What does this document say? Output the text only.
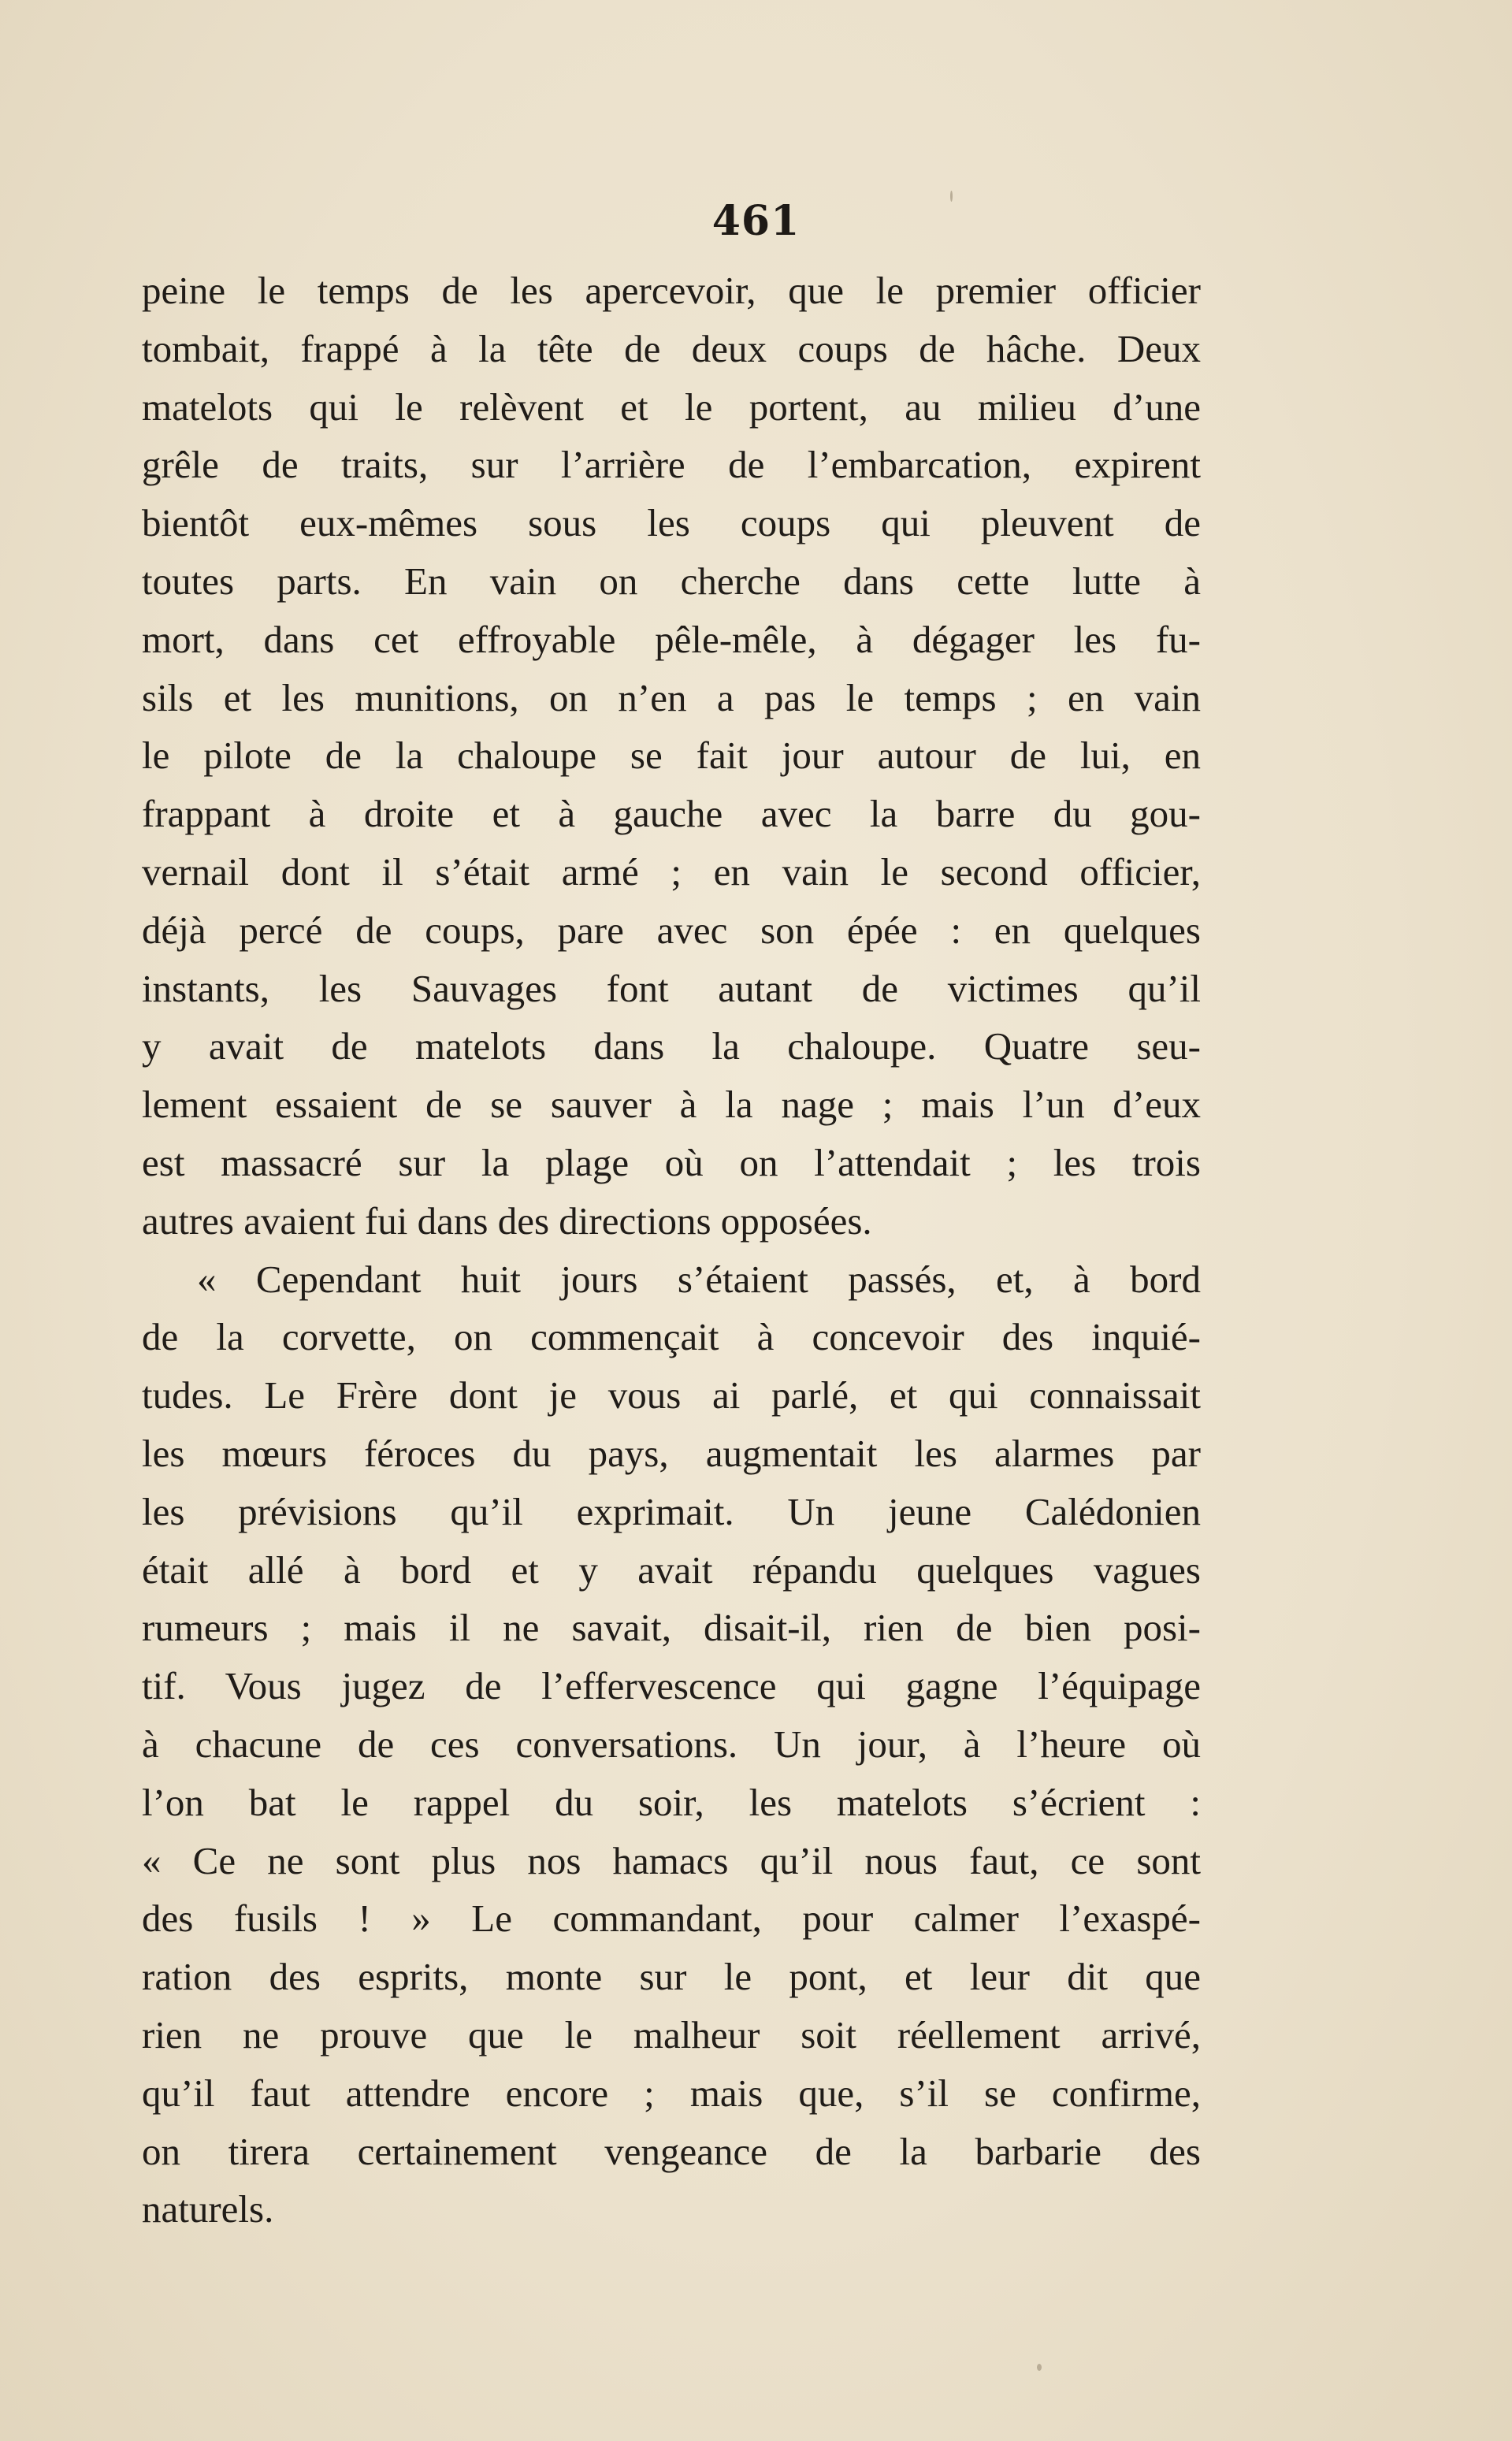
461
peine le temps de les apercevoir, que le premier officier
tombait, frappé à la tête de deux coups de hâche. Deux
matelots qui le relèvent et le portent, au milieu d’une
grêle de traits, sur l’arrière de l’embarcation, expirent
bientôt eux-mêmes sous les coups qui pleuvent de
toutes parts. En vain on cherche dans cette lutte à
mort, dans cet effroyable pêle-mêle, à dégager les fu-
sils et les munitions, on n’en a pas le temps ; en vain
le pilote de la chaloupe se fait jour autour de lui, en
frappant à droite et à gauche avec la barre du gou-
vernail dont il s’était armé ; en vain le second officier,
déjà percé de coups, pare avec son épée : en quelques
instants, les Sauvages font autant de victimes qu’il
y avait de matelots dans la chaloupe. Quatre seu-
lement essaient de se sauver à la nage ; mais l’un d’eux
est massacré sur la plage où on l’attendait ; les trois
autres avaient fui dans des directions opposées.
« Cependant huit jours s’étaient passés, et, à bord
de la corvette, on commençait à concevoir des inquié-
tudes. Le Frère dont je vous ai parlé, et qui connaissait
les mœurs féroces du pays, augmentait les alarmes par
les prévisions qu’il exprimait. Un jeune Calédonien
était allé à bord et y avait répandu quelques vagues
rumeurs ; mais il ne savait, disait-il, rien de bien posi-
tif. Vous jugez de l’effervescence qui gagne l’équipage
à chacune de ces conversations. Un jour, à l’heure où
l’on bat le rappel du soir, les matelots s’écrient :
« Ce ne sont plus nos hamacs qu’il nous faut, ce sont
des fusils ! » Le commandant, pour calmer l’exaspé-
ration des esprits, monte sur le pont, et leur dit que
rien ne prouve que le malheur soit réellement arrivé,
qu’il faut attendre encore ; mais que, s’il se confirme,
on tirera certainement vengeance de la barbarie des
naturels.
